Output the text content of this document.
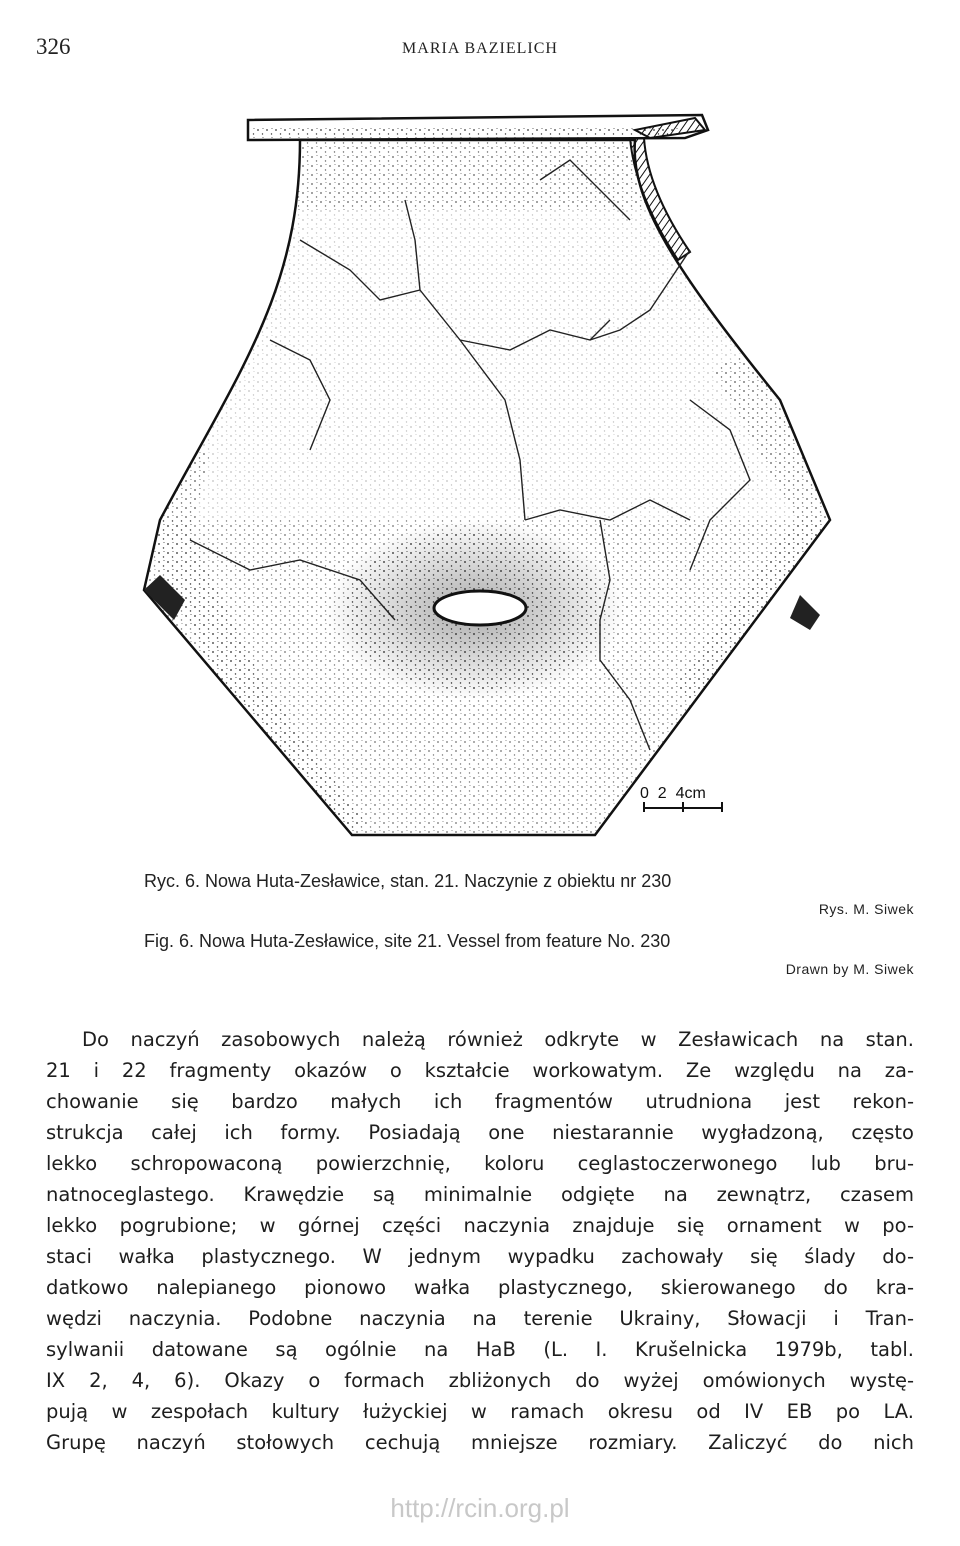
326	MARIA BAZIELICH
0  2  4cm
Ryc. 6. Nowa Huta-Zesławice, stan. 21. Naczynie z obiektu nr 230
Rys. M. Siwek
Fig. 6. Nowa Huta-Zesławice, site 21. Vessel from feature No. 230
Drawn by M. Siwek
Do naczyń zasobowych należą również odkryte w Zesławicach na stan.
21 i 22 fragmenty okazów o kształcie workowatym. Ze względu na za-
chowanie się bardzo małych ich fragmentów utrudniona jest rekon-
strukcja całej ich formy. Posiadają one niestarannie wygładzoną, często
lekko schropowaconą powierzchnię, koloru ceglastoczerwonego lub bru-
natnoceglastego. Krawędzie są minimalnie odgięte na zewnątrz, czasem
lekko pogrubione; w górnej części naczynia znajduje się ornament w po-
staci wałka plastycznego. W jednym wypadku zachowały się ślady do-
datkowo nalepianego pionowo wałka plastycznego, skierowanego do kra-
wędzi naczynia. Podobne naczynia na terenie Ukrainy, Słowacji i Tran-
sylwanii datowane są ogólnie na HaB (L. I. Krušelnicka 1979b, tabl.
IX 2, 4, 6). Okazy o formach zbliżonych do wyżej omówionych wystę-
pują w zespołach kultury łużyckiej w ramach okresu od IV EB po LA.
Grupę naczyń stołowych cechują mniejsze rozmiary. Zaliczyć do nich
http://rcin.org.pl
